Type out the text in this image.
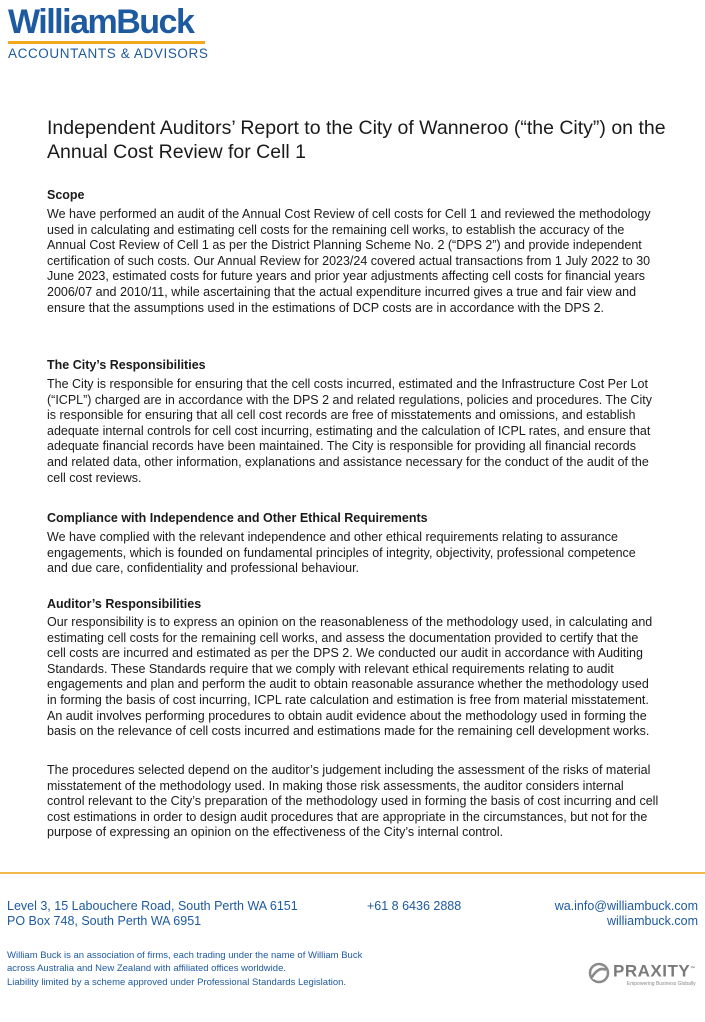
WilliamBuck
ACCOUNTANTS & ADVISORS
Independent Auditors’ Report to the City of Wanneroo (“the City”) on the Annual Cost Review for Cell 1
Scope
We have performed an audit of the Annual Cost Review of cell costs for Cell 1 and reviewed the methodology used in calculating and estimating cell costs for the remaining cell works, to establish the accuracy of the Annual Cost Review of Cell 1 as per the District Planning Scheme No. 2 (“DPS 2”) and provide independent certification of such costs. Our Annual Review for 2023/24 covered actual transactions from 1 July 2022 to 30 June 2023, estimated costs for future years and prior year adjustments affecting cell costs for financial years 2006/07 and 2010/11, while ascertaining that the actual expenditure incurred gives a true and fair view and ensure that the assumptions used in the estimations of DCP costs are in accordance with the DPS 2.
The City’s Responsibilities
The City is responsible for ensuring that the cell costs incurred, estimated and the Infrastructure Cost Per Lot (“ICPL”) charged are in accordance with the DPS 2 and related regulations, policies and procedures. The City is responsible for ensuring that all cell cost records are free of misstatements and omissions, and establish adequate internal controls for cell cost incurring, estimating and the calculation of ICPL rates, and ensure that adequate financial records have been maintained. The City is responsible for providing all financial records and related data, other information, explanations and assistance necessary for the conduct of the audit of the cell cost reviews.
Compliance with Independence and Other Ethical Requirements
We have complied with the relevant independence and other ethical requirements relating to assurance engagements, which is founded on fundamental principles of integrity, objectivity, professional competence and due care, confidentiality and professional behaviour.
Auditor’s Responsibilities
Our responsibility is to express an opinion on the reasonableness of the methodology used, in calculating and estimating cell costs for the remaining cell works, and assess the documentation provided to certify that the cell costs are incurred and estimated as per the DPS 2. We conducted our audit in accordance with Auditing Standards. These Standards require that we comply with relevant ethical requirements relating to audit engagements and plan and perform the audit to obtain reasonable assurance whether the methodology used in forming the basis of cost incurring, ICPL rate calculation and estimation is free from material misstatement. An audit involves performing procedures to obtain audit evidence about the methodology used in forming the basis on the relevance of cell costs incurred and estimations made for the remaining cell development works.
The procedures selected depend on the auditor’s judgement including the assessment of the risks of material misstatement of the methodology used. In making those risk assessments, the auditor considers internal control relevant to the City’s preparation of the methodology used in forming the basis of cost incurring and cell cost estimations in order to design audit procedures that are appropriate in the circumstances, but not for the purpose of expressing an opinion on the effectiveness of the City’s internal control.
Level 3, 15 Labouchere Road, South Perth WA 6151
PO Box 748, South Perth WA 6951
+61 8 6436 2888	wa.info@williambuck.com
williambuck.com
William Buck is an association of firms, each trading under the name of William Buck
across Australia and New Zealand with affiliated offices worldwide.
Liability limited by a scheme approved under Professional Standards Legislation.
PRAXITY™
Empowering Business Globally
